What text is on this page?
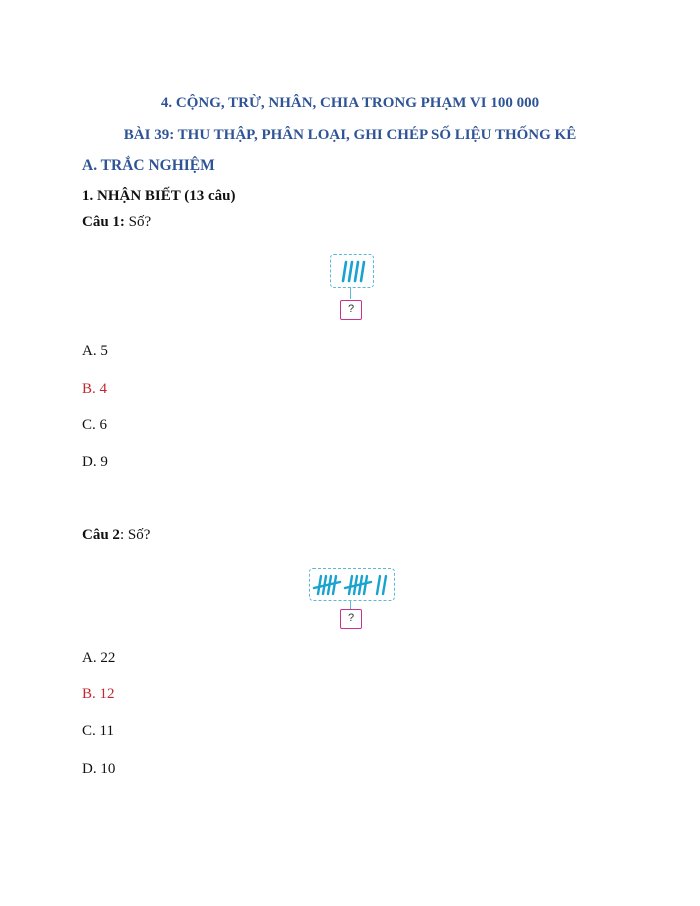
4. CỘNG, TRỪ, NHÂN, CHIA TRONG PHẠM VI 100 000
BÀI 39: THU THẬP, PHÂN LOẠI, GHI CHÉP SỐ LIỆU THỐNG KÊ
A. TRẮC NGHIỆM
1. NHẬN BIẾT (13 câu)
Câu 1: Số?
?
A. 5
B. 4
C. 6
D. 9
Câu 2: Số?
?
A. 22
B. 12
C. 11
D. 10
